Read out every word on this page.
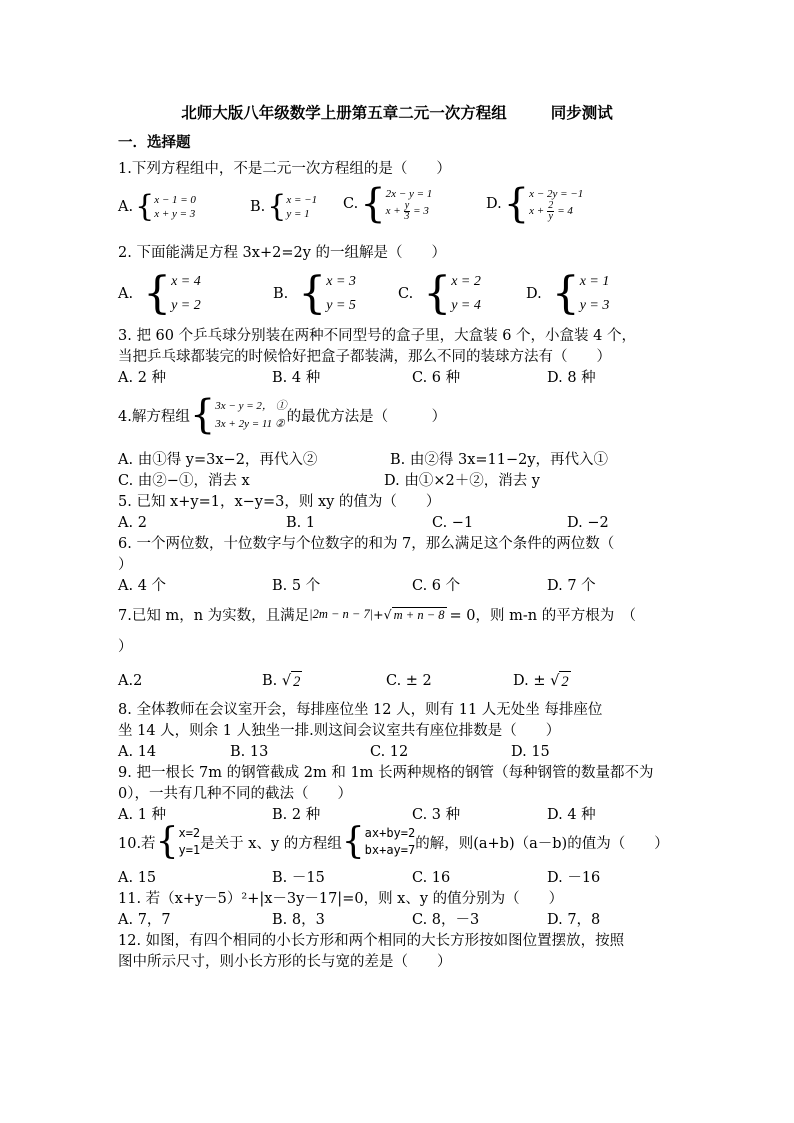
北师大版八年级数学上册第五章二元一次方程组	同步测试
一．选择题
1.下列方程组中，不是二元一次方程组的是（　　）
A. { x − 1 = 0
x + y = 3	B. { x = −1
y = 1
C. { 2x − y = 1
$x + \frac{y}{3} = 3$	D. { x − 2y = −1
$x + \frac{2}{y} = 4$
2. 下面能满足方程 3x+2=2y 的一组解是（　　）
A. { x = 4
y = 2
B. { x = 3
y = 5
C. { x = 2
y = 4
D. { x = 1
y = 3
3. 把 60 个乒乓球分别装在两种不同型号的盒子里，大盒装 6 个，小盒装 4 个，
当把乒乓球都装完的时候恰好把盒子都装满，那么不同的装球方法有（　　）
A. 2 种	B. 4 种	C. 6 种	D. 8 种
4.解方程组 { 3x − y = 2， ①
3x + 2y = 11 ② 的最优方法是（　　　）
A. 由①得 y=3x−2，再代入②	B. 由②得 3x=11−2y，再代入①
C. 由②−①，消去 x	D. 由①×2＋②，消去 y
5. 已知 x+y=1，x−y=3，则 xy 的值为（　　）
A. 2	B. 1	C. −1	D. −2
6. 一个两位数，十位数字与个位数字的和为 7，那么满足这个条件的两位数（
）
A. 4 个	B. 5 个	C. 6 个	D. 7 个
7.已知 m，n 为实数，且满足 |2m − n − 7| + √ m + n − 8 = 0，则 m-n 的平方根为　（
）
A.2	B. √ 2	C. ± 2	D. ± √ 2
8. 全体教师在会议室开会，每排座位坐 12 人，则有 11 人无处坐 每排座位
坐 14 人，则余 1 人独坐一排.则这间会议室共有座位排数是（　　）
A. 14	B. 13	C. 12	D. 15
9. 把一根长 7m 的钢管截成 2m 和 1m 长两种规格的钢管（每种钢管的数量都不为
0），一共有几种不同的截法（　　）
A. 1 种	B. 2 种	C. 3 种	D. 4 种
10.若 { x=2
y=1 是关于 x、y 的方程组 { ax+by=2
bx+ay=7 的解，则(a+b)（a－b)的值为（　　）
A. 15	B. －15	C. 16	D. －16
11. 若（x+y－5）²+|x－3y－17|=0，则 x、y 的值分别为（　　）
A. 7，7	B. 8，3	C. 8，－3	D. 7，8
12. 如图，有四个相同的小长方形和两个相同的大长方形按如图位置摆放，按照
图中所示尺寸，则小长方形的长与宽的差是（　　）
